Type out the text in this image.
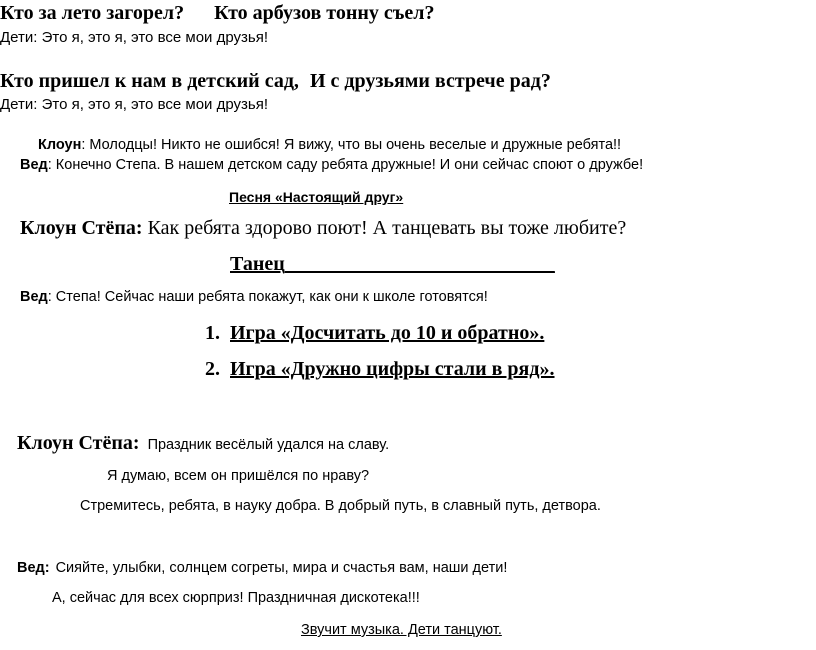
Кто за лето загорел? Кто арбузов тонну съел?
Дети: Это я, это я, это все мои друзья!
Кто пришел к нам в детский сад, И с друзьями встрече рад?
Дети: Это я, это я, это все мои друзья!
Клоун: Молодцы! Никто не ошибся! Я вижу, что вы очень веселые и дружные ребята!!
Вед: Конечно Степа. В нашем детском саду ребята дружные! И они сейчас споют о дружбе!
Песня «Настоящий друг»
Клоун Стёпа: Как ребята здорово поют! А танцевать вы тоже любите?
Танец___________________________
Вед: Степа! Сейчас наши ребята покажут, как они к школе готовятся!
1. Игра «Досчитать до 10 и обратно».
2. Игра «Дружно цифры стали в ряд».
Клоун Стёпа: Праздник весёлый удался на славу.
Я думаю, всем он пришёлся по нраву?
Стремитесь, ребята, в науку добра. В добрый путь, в славный путь, детвора.
Вед: Сияйте, улыбки, солнцем согреты, мира и счастья вам, наши дети!
А, сейчас для всех сюрприз! Праздничная дискотека!!!
Звучит музыка. Дети танцуют.
